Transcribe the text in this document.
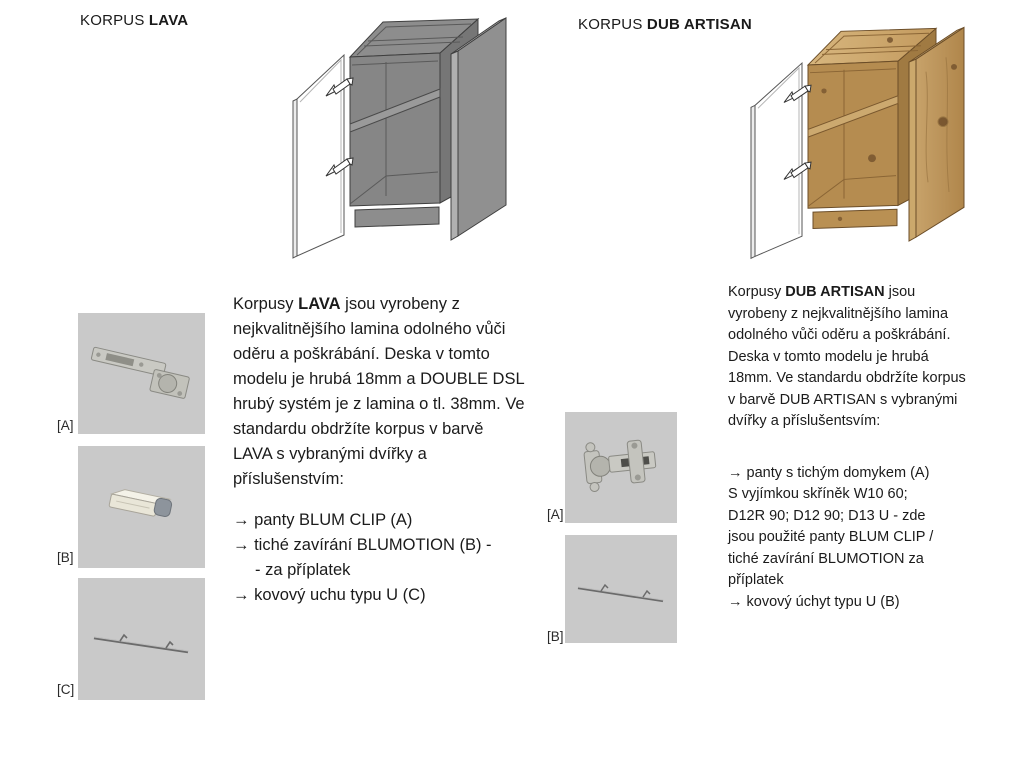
KORPUS LAVA
[A]
[B]
[C]
Korpusy LAVA jsou vyrobeny z nejkvalitnějšího lamina odolného vůči oděru a poškrábání. Deska v tomto modelu je hrubá 18mm a DOUBLE DSL hrubý systém je z lamina o tl. 38mm. Ve standardu obdržíte korpus v barvě LAVA s vybranými dvířky a příslušenstvím:
→ panty BLUM CLIP (A)
→ tiché zavírání BLUMOTION (B) -
- za příplatek
→ kovový uchu typu U (C)
KORPUS DUB ARTISAN
Korpusy DUB ARTISAN jsou vyrobeny z nejkvalitnějšího lamina odolného vůči oděru a poškrábání. Deska v tomto modelu je hrubá 18mm. Ve standardu obdržíte korpus v barvě DUB ARTISAN s vybranými dvířky a příslušentsvím:
→ panty s tichým domykem (A)
S vyjímkou skříněk W10 60;
D12R 90; D12 90; D13 U - zde
jsou použité panty BLUM CLIP /
tiché zavírání BLUMOTION za
příplatek
→ kovový úchyt typu U (B)
[A]
[B]
